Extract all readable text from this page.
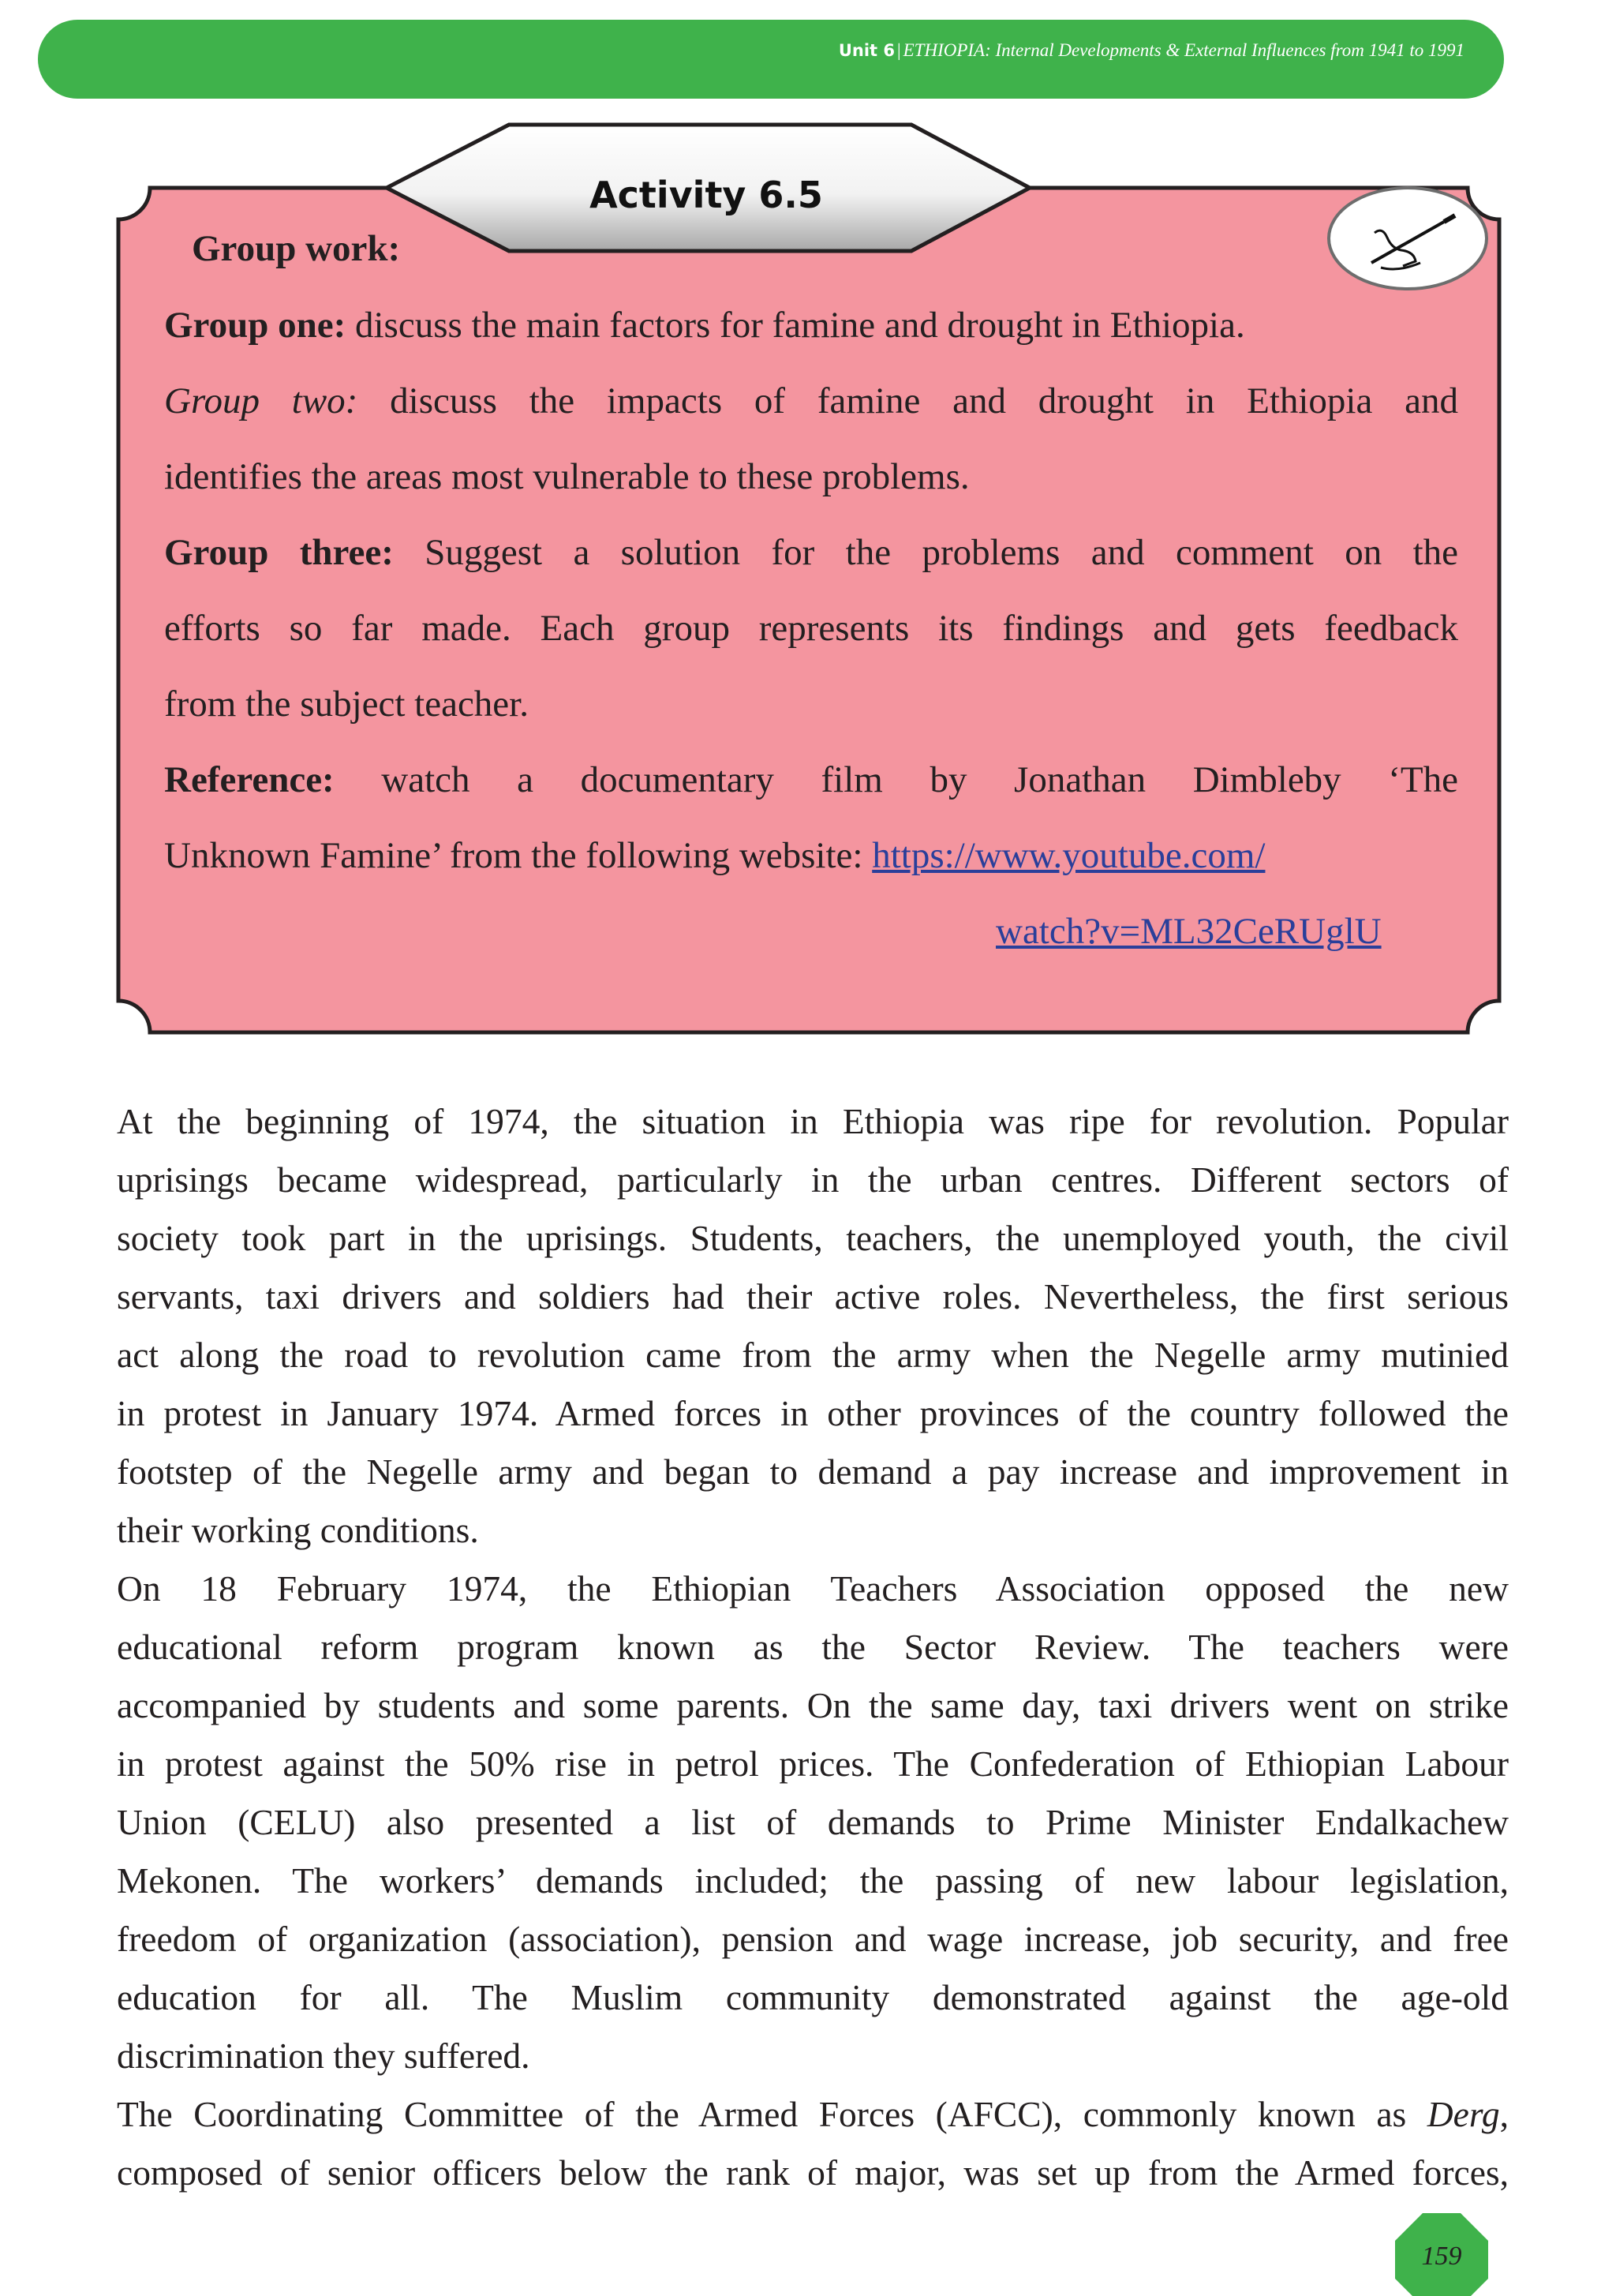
Unit 6 | ETHIOPIA: Internal Developments & External Influences from 1941 to 1991
Activity 6.5
Group work:
Group one: discuss the main factors for famine and drought in Ethiopia.
Group two: discuss the impacts of famine and drought in Ethiopia and
identifies the areas most vulnerable to these problems.
Group three: Suggest a solution for the problems and comment on the
efforts so far made. Each group represents its findings and gets feedback
from the subject teacher.
Reference: watch a documentary film by Jonathan Dimbleby ‘The
Unknown Famine’ from the following website: https://www.youtube.com/
watch?v=ML32CeRUglU
At the beginning of 1974, the situation in Ethiopia was ripe for revolution. Popular
uprisings became widespread, particularly in the urban centres. Different sectors of
society took part in the uprisings. Students, teachers, the unemployed youth, the civil
servants, taxi drivers and soldiers had their active roles. Nevertheless, the first serious
act along the road to revolution came from the army when the Negelle army mutinied
in protest in January 1974. Armed forces in other provinces of the country followed the
footstep of the Negelle army and began to demand a pay increase and improvement in
their working conditions.
On 18 February 1974, the Ethiopian Teachers Association opposed the new
educational reform program known as the Sector Review. The teachers were
accompanied by students and some parents. On the same day, taxi drivers went on strike
in protest against the 50% rise in petrol prices. The Confederation of Ethiopian Labour
Union (CELU) also presented a list of demands to Prime Minister Endalkachew
Mekonen. The workers’ demands included; the passing of new labour legislation,
freedom of organization (association), pension and wage increase, job security, and free
education for all. The Muslim community demonstrated against the age-old
discrimination they suffered.
The Coordinating Committee of the Armed Forces (AFCC), commonly known as Derg,
composed of senior officers below the rank of major, was set up from the Armed forces,
159
